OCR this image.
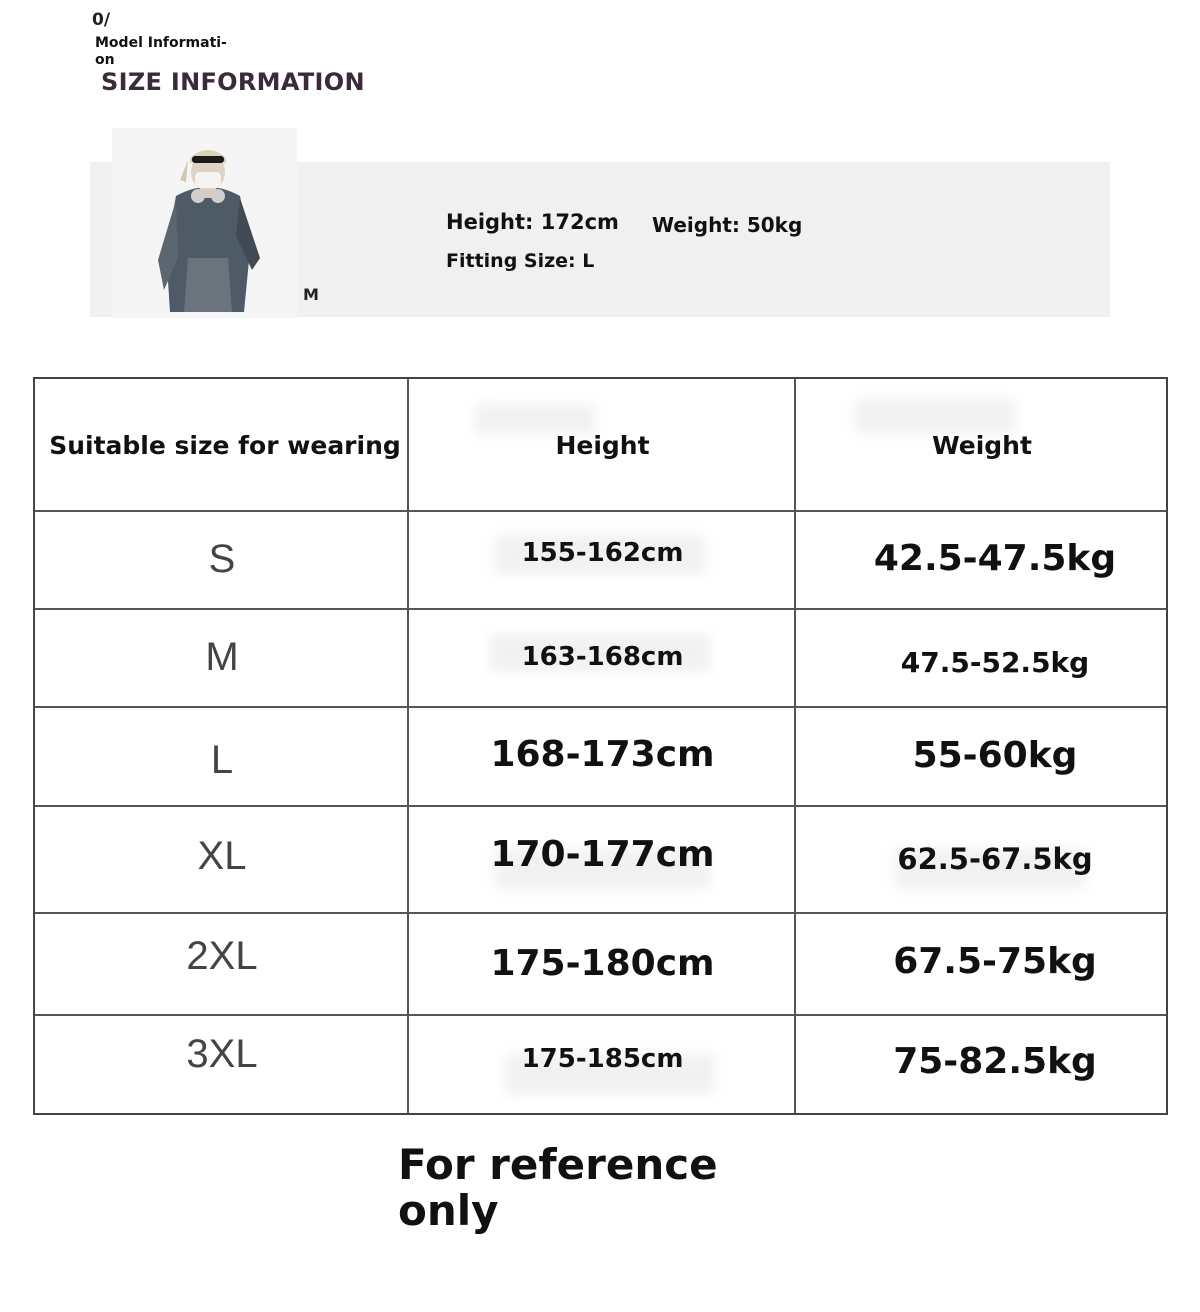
0/
Model Informati-
on
SIZE INFORMATION
M
Height: 172cm Weight: 50kg
Fitting Size: L
Suitable size for wearing	Height	Weight
S	155-162cm	42.5-47.5kg
M	163-168cm	47.5-52.5kg
L	168-173cm	55-60kg
XL	170-177cm	62.5-67.5kg
2XL	175-180cm	67.5-75kg
3XL	175-185cm	75-82.5kg
For reference
only
